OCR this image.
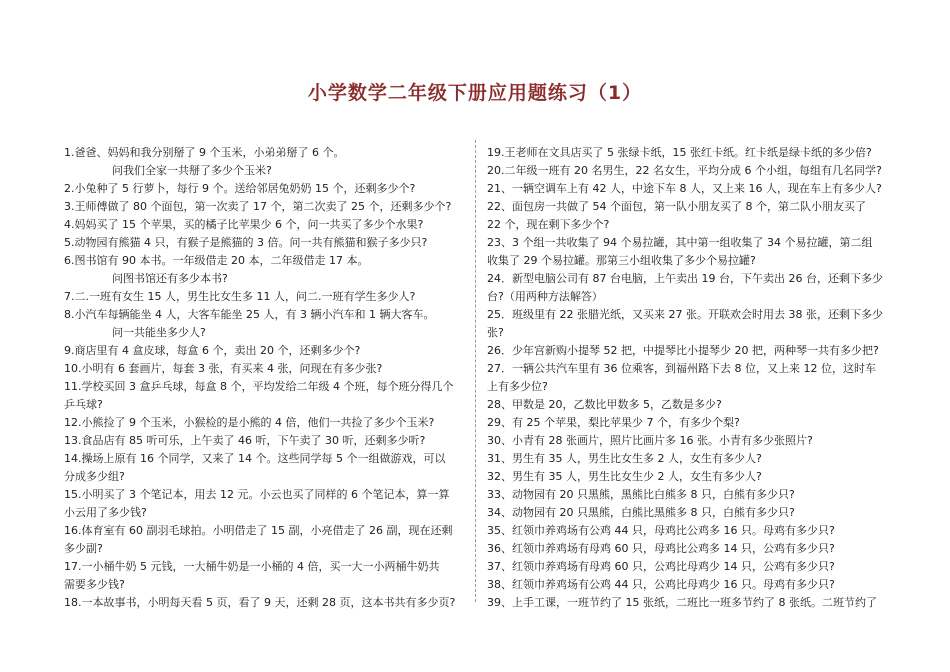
小学数学二年级下册应用题练习（1）
1.爸爸、妈妈和我分别掰了 9 个玉米，小弟弟掰了 6 个。
问我们全家一共掰了多少个玉米?
2.小兔种了 5 行萝卜，每行 9 个。送给邻居兔奶奶 15 个，还剩多少个?
3.王师傅做了 80 个面包，第一次卖了 17 个，第二次卖了 25 个，还剩多少个?
4.妈妈买了 15 个苹果，买的橘子比苹果少 6 个，问一共买了多少个水果?
5.动物园有熊猫 4 只，有猴子是熊猫的 3 倍。问一共有熊猫和猴子多少只?
6.图书馆有 90 本书。一年级借走 20 本，二年级借走 17 本。
问图书馆还有多少本书?
7.二.一班有女生 15 人，男生比女生多 11 人，问二.一班有学生多少人?
8.小汽车每辆能坐 4 人，大客车能坐 25 人，有 3 辆小汽车和 1 辆大客车。
问一共能坐多少人?
9.商店里有 4 盒皮球，每盒 6 个，卖出 20 个，还剩多少个?
10.小明有 6 套画片，每套 3 张，有买来 4 张，问现在有多少张?
11.学校买回 3 盒乒乓球，每盒 8 个，平均发给二年级 4 个班，每个班分得几个
乒乓球?
12.小熊捡了 9 个玉米，小猴检的是小熊的 4 倍，他们一共捡了多少个玉米?
13.食品店有 85 听可乐，上午卖了 46 听，下午卖了 30 听，还剩多少听?
14.操场上原有 16 个同学，又来了 14 个。这些同学每 5 个一组做游戏，可以
分成多少组?
15.小明买了 3 个笔记本，用去 12 元。小云也买了同样的 6 个笔记本，算一算
小云用了多少钱?
16.体育室有 60 副羽毛球拍。小明借走了 15 副，小亮借走了 26 副，现在还剩
多少副?
17.一小桶牛奶 5 元钱，一大桶牛奶是一小桶的 4 倍，买一大一小两桶牛奶共
需要多少钱?
18.一本故事书，小明每天看 5 页，看了 9 天，还剩 28 页，这本书共有多少页?
19.王老师在文具店买了 5 张绿卡纸，15 张红卡纸。红卡纸是绿卡纸的多少倍?
20.二年级一班有 20 名男生，22 名女生，平均分成 6 个小组，每组有几名同学?
21、一辆空调车上有 42 人，中途下车 8 人，又上来 16 人，现在车上有多少人?
22、面包房一共做了 54 个面包，第一队小朋友买了 8 个，第二队小朋友买了
22 个，现在剩下多少个?
23、3 个组一共收集了 94 个易拉罐，其中第一组收集了 34 个易拉罐，第二组
收集了 29 个易拉罐。那第三小组收集了多少个易拉罐?
24．新型电脑公司有 87 台电脑，上午卖出 19 台，下午卖出 26 台，还剩下多少
台?（用两种方法解答）
25．班级里有 22 张腊光纸，又买来 27 张。开联欢会时用去 38 张，还剩下多少
张?
26．少年宫新购小提琴 52 把，中提琴比小提琴少 20 把，两种琴一共有多少把?
27．一辆公共汽车里有 36 位乘客，到福州路下去 8 位，又上来 12 位，这时车
上有多少位?
28、甲数是 20，乙数比甲数多 5，乙数是多少?
29、有 25 个苹果，梨比苹果少 7 个，有多少个梨?
30、小青有 28 张画片，照片比画片多 16 张。小青有多少张照片?
31、男生有 35 人，男生比女生多 2 人，女生有多少人?
32、男生有 35 人，男生比女生少 2 人，女生有多少人?
33、动物园有 20 只黑熊，黑熊比白熊多 8 只，白熊有多少只?
34、动物园有 20 只黑熊，白熊比黑熊多 8 只，白熊有多少只?
35、红领巾养鸡场有公鸡 44 只，母鸡比公鸡多 16 只。母鸡有多少只?
36、红领巾养鸡场有母鸡 60 只，母鸡比公鸡多 14 只，公鸡有多少只?
37、红领巾养鸡场有母鸡 60 只，公鸡比母鸡少 14 只，公鸡有多少只?
38、红领巾养鸡场有公鸡 44 只，公鸡比母鸡少 16 只。母鸡有多少只?
39、上手工课，一班节约了 15 张纸，二班比一班多节约了 8 张纸。二班节约了
